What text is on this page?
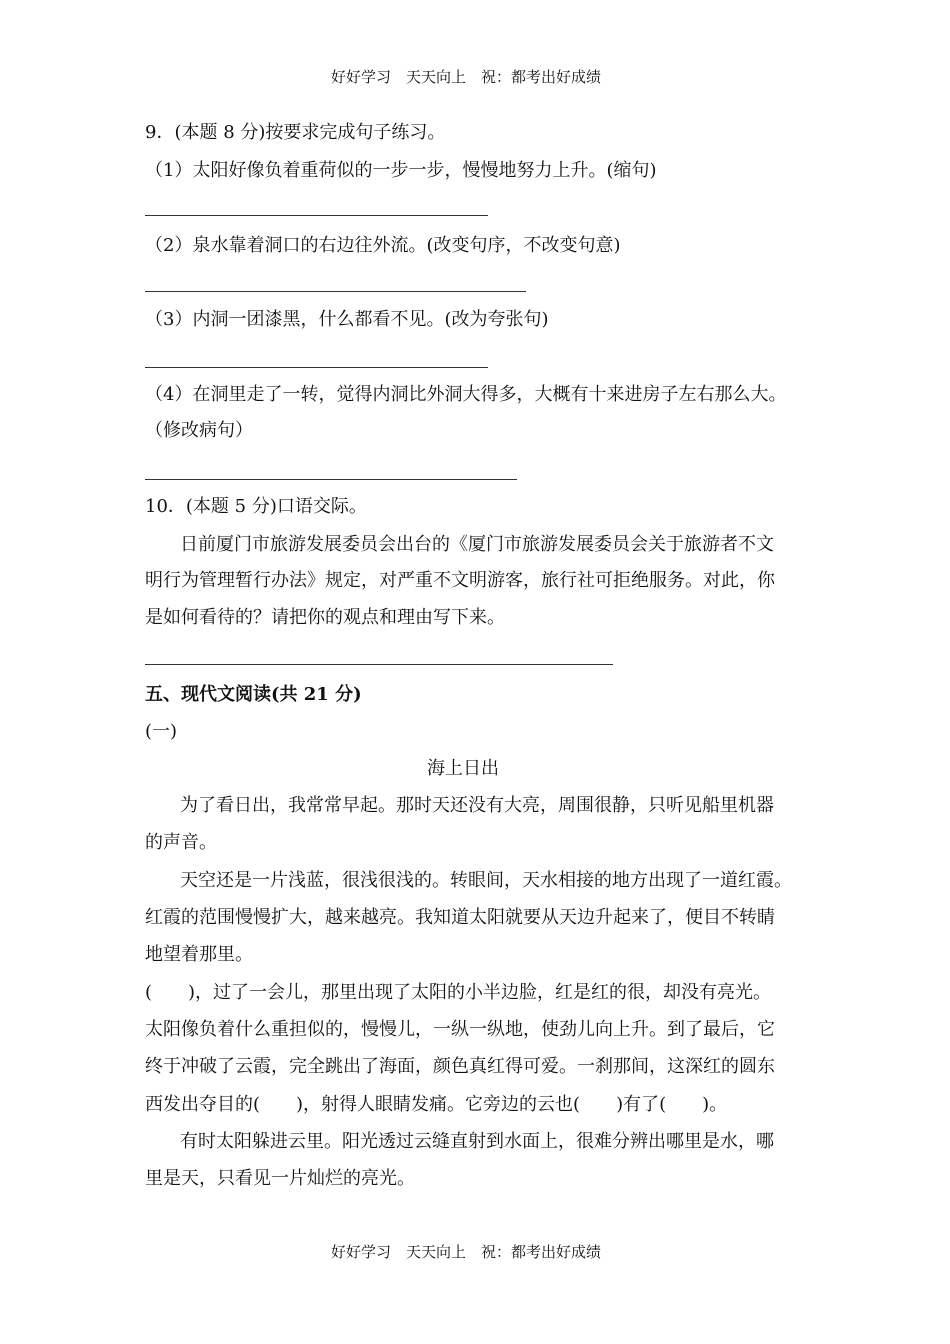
好好学习　天天向上　祝：都考出好成绩
9．(本题 8 分)按要求完成句子练习。
（1）太阳好像负着重荷似的一步一步，慢慢地努力上升。(缩句)
（2）泉水靠着洞口的右边往外流。(改变句序，不改变句意)
（3）内洞一团漆黑，什么都看不见。(改为夸张句)
（4）在洞里走了一转，觉得内洞比外洞大得多，大概有十来进房子左右那么大。
（修改病句）
10．(本题 5 分)口语交际。
日前厦门市旅游发展委员会出台的《厦门市旅游发展委员会关于旅游者不文
明行为管理暂行办法》规定，对严重不文明游客，旅行社可拒绝服务。对此，你
是如何看待的？请把你的观点和理由写下来。
五、现代文阅读(共 21 分)
(一)
海上日出
为了看日出，我常常早起。那时天还没有大亮，周围很静，只听见船里机器
的声音。
天空还是一片浅蓝，很浅很浅的。转眼间，天水相接的地方出现了一道红霞。
红霞的范围慢慢扩大，越来越亮。我知道太阳就要从天边升起来了，便目不转睛
地望着那里。
(　　)，过了一会儿，那里出现了太阳的小半边脸，红是红的很，却没有亮光。
太阳像负着什么重担似的，慢慢儿，一纵一纵地，使劲儿向上升。到了最后，它
终于冲破了云霞，完全跳出了海面，颜色真红得可爱。一刹那间，这深红的圆东
西发出夺目的(　　)，射得人眼睛发痛。它旁边的云也(　　)有了(　　)。
有时太阳躲进云里。阳光透过云缝直射到水面上，很难分辨出哪里是水，哪
里是天，只看见一片灿烂的亮光。
好好学习　天天向上　祝：都考出好成绩
